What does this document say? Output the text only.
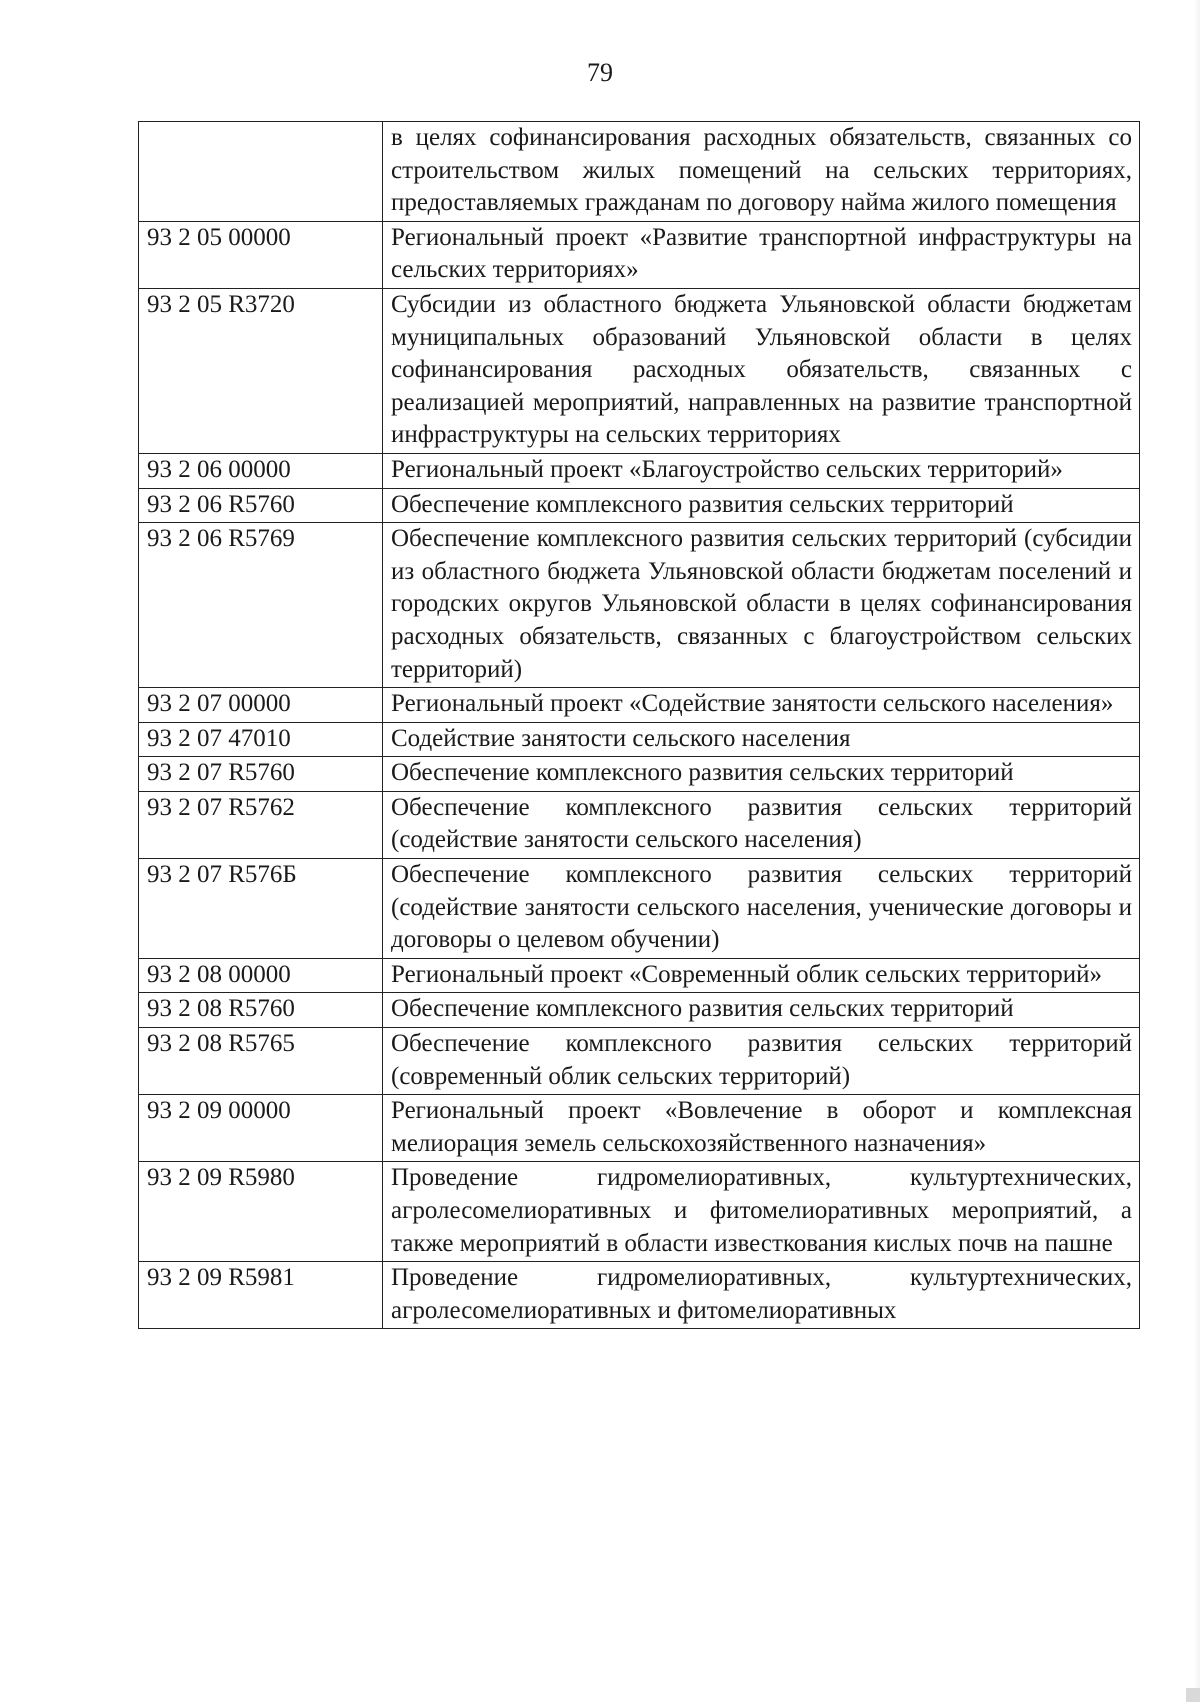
79
	в целях софинансирования расходных обязательств, связанных со строительством жилых помещений на сельских территориях, предоставляемых гражданам по договору найма жилого помещения
93 2 05 00000	Региональный проект «Развитие транспортной инфраструктуры на сельских территориях»
93 2 05 R3720	Субсидии из областного бюджета Ульяновской области бюджетам муниципальных образований Ульяновской области в целях софинансирования расходных обязательств, связанных с реализацией мероприятий, направленных на развитие транспортной инфраструктуры на сельских территориях
93 2 06 00000	Региональный проект «Благоустройство сельских территорий»
93 2 06 R5760	Обеспечение комплексного развития сельских территорий
93 2 06 R5769	Обеспечение комплексного развития сельских территорий (субсидии из областного бюджета Ульяновской области бюджетам поселений и городских округов Ульяновской области в целях софинансирования расходных обязательств, связанных с благоустройством сельских территорий)
93 2 07 00000	Региональный проект «Содействие занятости сельского населения»
93 2 07 47010	Содействие занятости сельского населения
93 2 07 R5760	Обеспечение комплексного развития сельских территорий
93 2 07 R5762	Обеспечение комплексного развития сельских территорий (содействие занятости сельского населения)
93 2 07 R576Б	Обеспечение комплексного развития сельских территорий (содействие занятости сельского населения, ученические договоры и договоры о целевом обучении)
93 2 08 00000	Региональный проект «Современный облик сельских территорий»
93 2 08 R5760	Обеспечение комплексного развития сельских территорий
93 2 08 R5765	Обеспечение комплексного развития сельских территорий (современный облик сельских территорий)
93 2 09 00000	Региональный проект «Вовлечение в оборот и комплексная мелиорация земель сельскохозяйственного назначения»
93 2 09 R5980	Проведение гидромелиоративных, культуртехнических, агролесомелиоративных и фитомелиоративных мероприятий, а также мероприятий в области известкования кислых почв на пашне
93 2 09 R5981	Проведение гидромелиоративных, культуртехнических, агролесомелиоративных и фитомелиоративных
